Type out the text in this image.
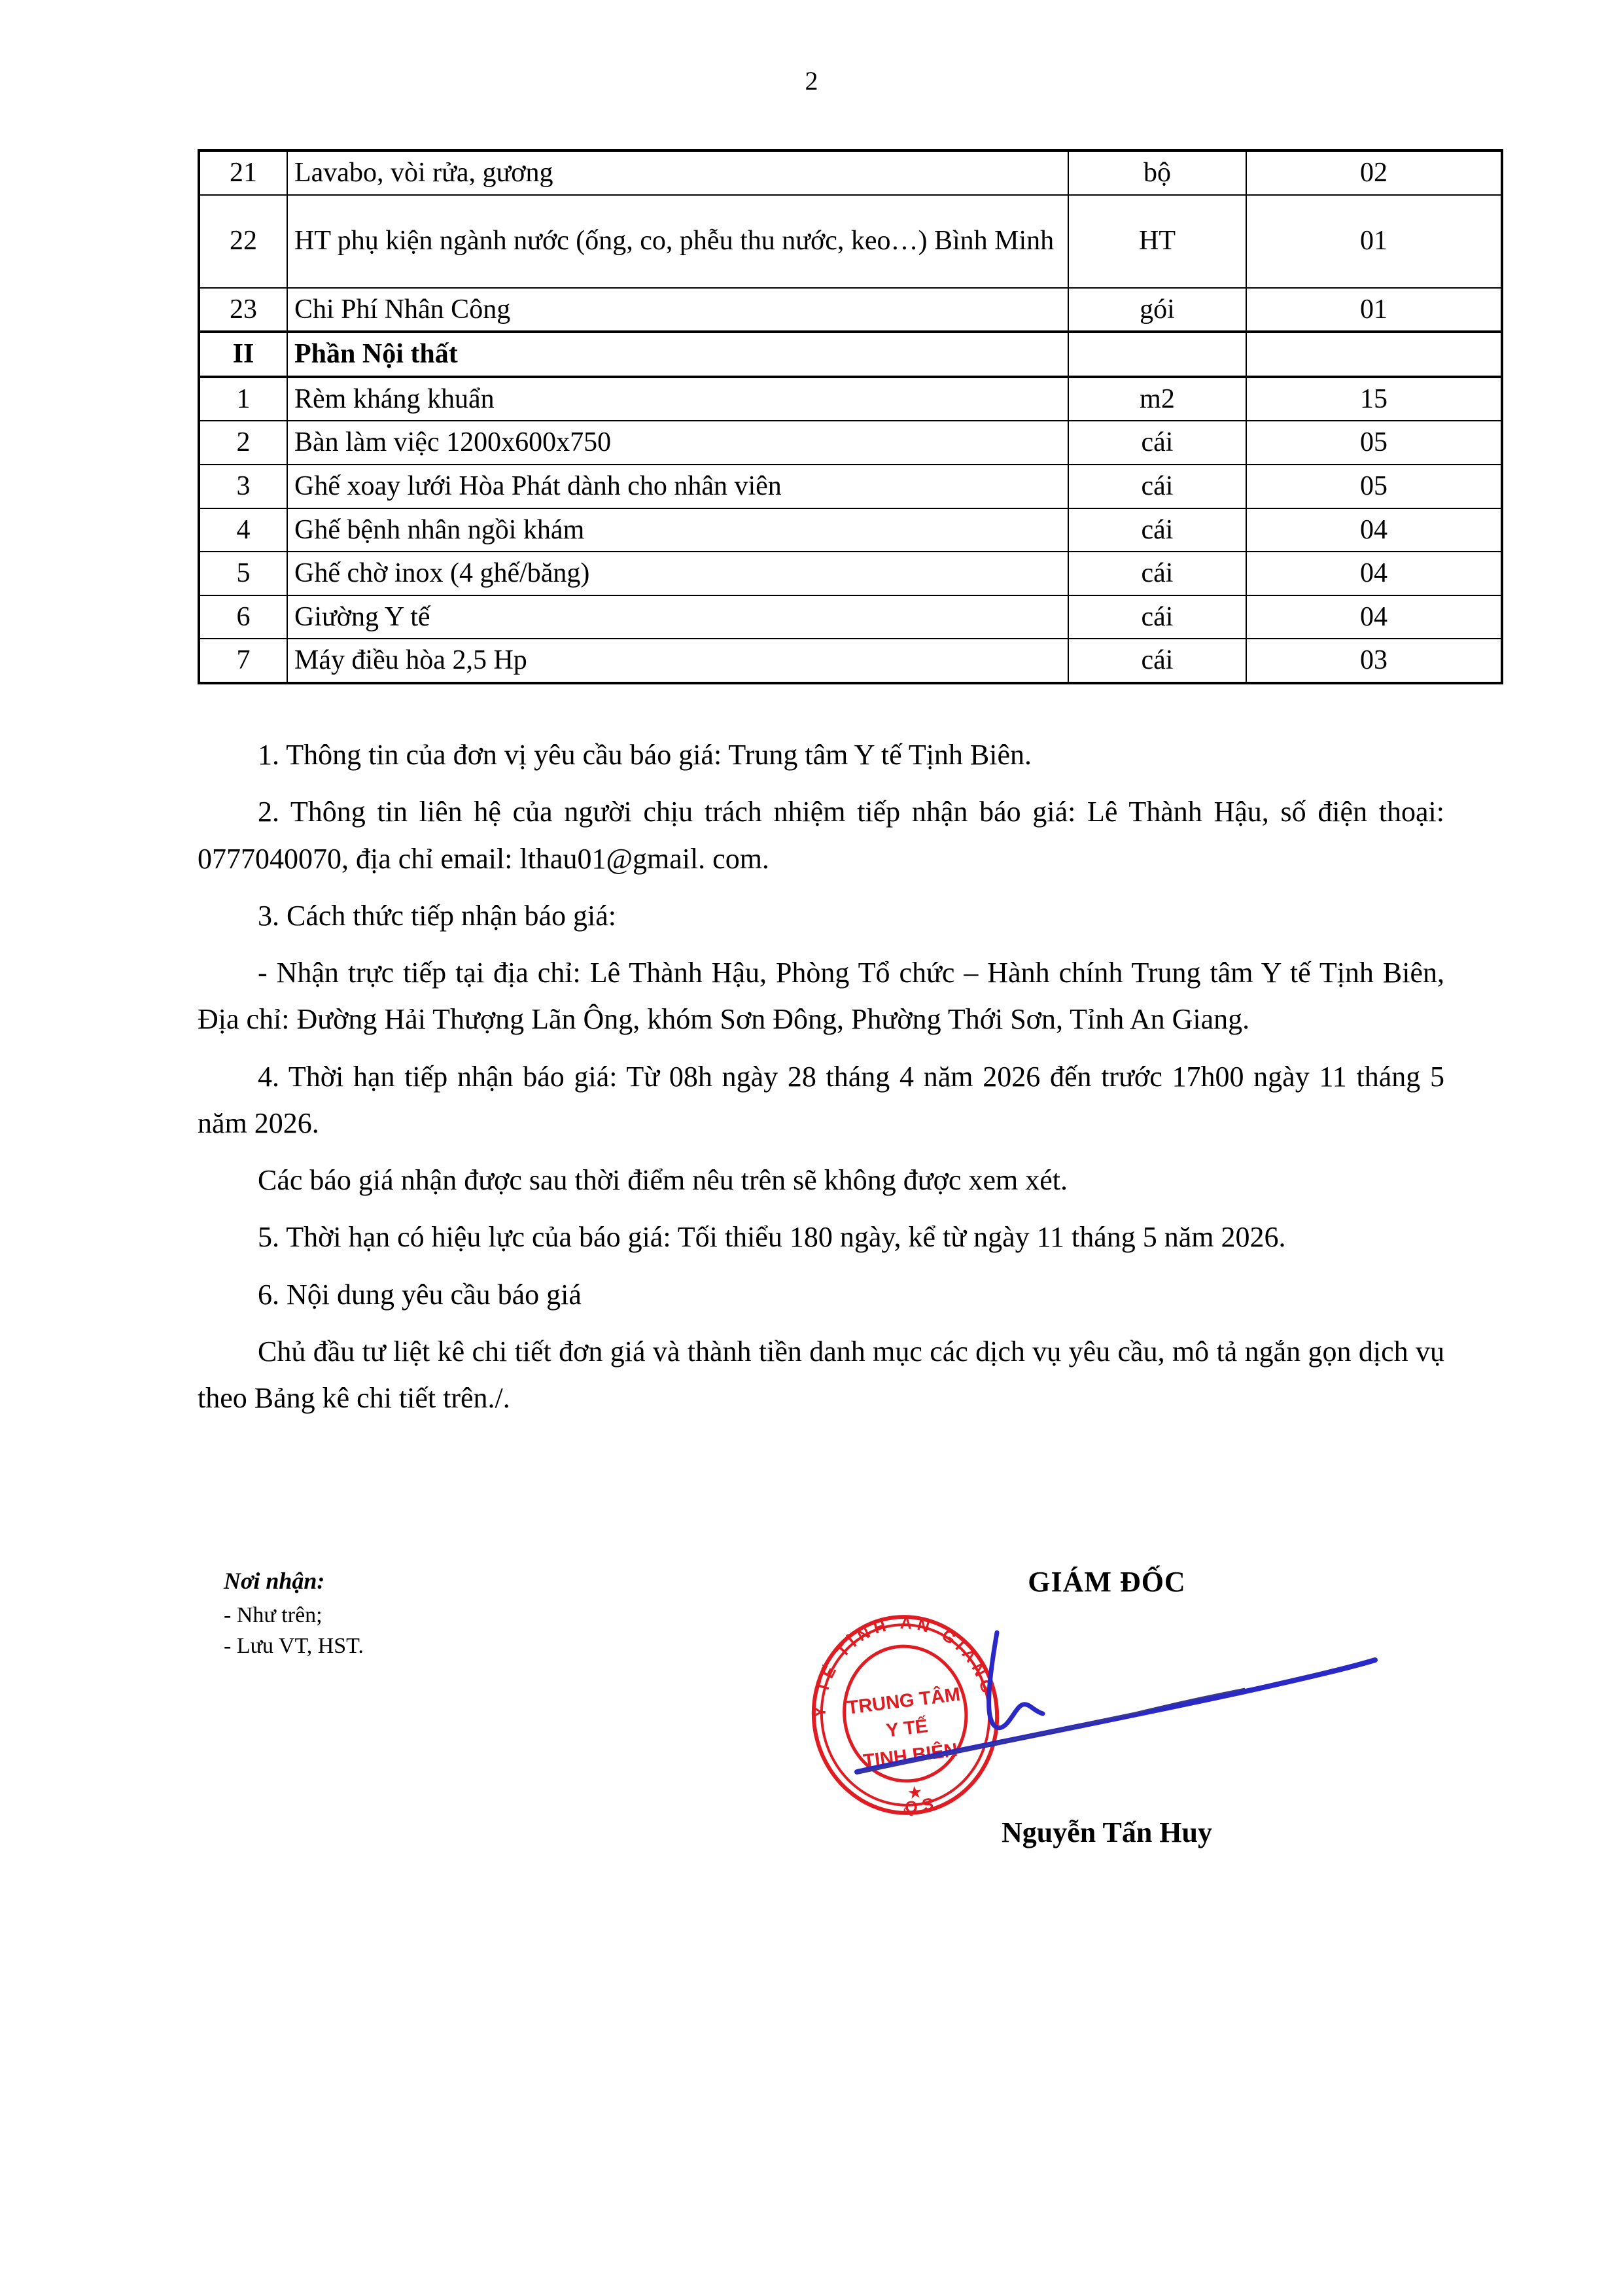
2
21	Lavabo, vòi rửa, gương	bộ	02
22	HT phụ kiện ngành nước (ống, co, phễu thu nước, keo…) Bình Minh	HT	01
23	Chi Phí Nhân Công	gói	01
II	Phần Nội thất		
1	Rèm kháng khuẩn	m2	15
2	Bàn làm việc 1200x600x750	cái	05
3	Ghế xoay lưới Hòa Phát dành cho nhân viên	cái	05
4	Ghế bệnh nhân ngồi khám	cái	04
5	Ghế chờ inox (4 ghế/băng)	cái	04
6	Giường Y tế	cái	04
7	Máy điều hòa 2,5 Hp	cái	03

1. Thông tin của đơn vị yêu cầu báo giá: Trung tâm Y tế Tịnh Biên.

2. Thông tin liên hệ của người chịu trách nhiệm tiếp nhận báo giá: Lê Thành Hậu, số điện thoại: 0777040070, địa chỉ email: lthau01@gmail. com.

3. Cách thức tiếp nhận báo giá:

- Nhận trực tiếp tại địa chỉ: Lê Thành Hậu, Phòng Tổ chức – Hành chính Trung tâm Y tế Tịnh Biên, Địa chỉ: Đường Hải Thượng Lãn Ông, khóm Sơn Đông, Phường Thới Sơn, Tỉnh An Giang.

4. Thời hạn tiếp nhận báo giá: Từ 08h ngày 28 tháng 4 năm 2026 đến trước 17h00 ngày 11 tháng 5 năm 2026.

Các báo giá nhận được sau thời điểm nêu trên sẽ không được xem xét.

5. Thời hạn có hiệu lực của báo giá: Tối thiểu 180 ngày, kể từ ngày 11 tháng 5 năm 2026.

6. Nội dung yêu cầu báo giá

Chủ đầu tư liệt kê chi tiết đơn giá và thành tiền danh mục các dịch vụ yêu cầu, mô tả ngắn gọn dịch vụ theo Bảng kê chi tiết trên./.

Nơi nhận:
- Như trên;
- Lưu VT, HST.
GIÁM ĐỐC
Y TẾ TỈNH AN GIANG
SỞ
TRUNG TÂM
Y TẾ
TỊNH BIÊN
★
Nguyễn Tấn Huy
